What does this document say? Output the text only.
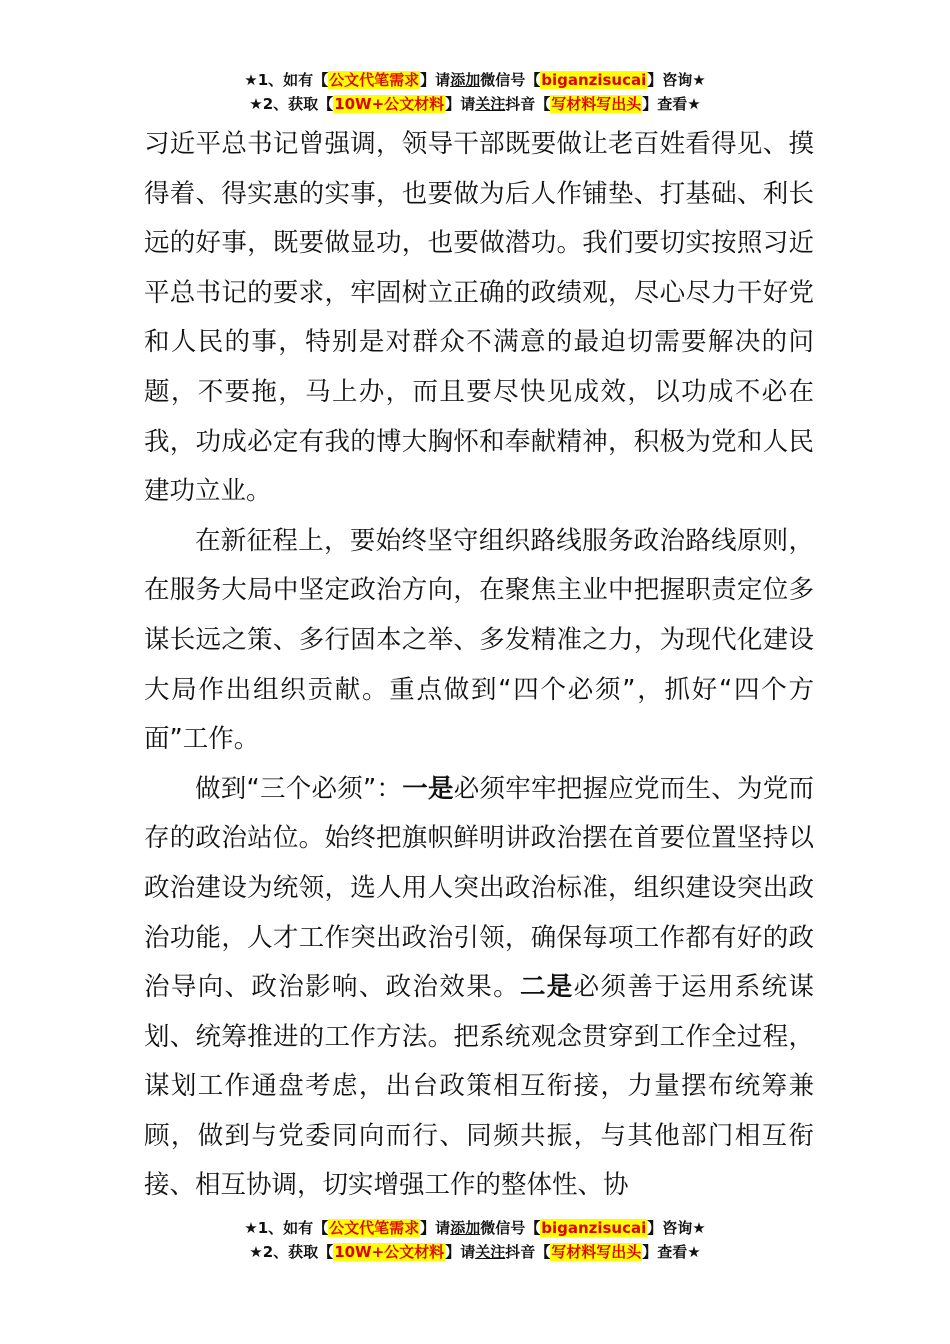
★1、如有【公文代笔需求】请添加微信号【biganzisucai】咨询★
★2、获取【10W+公文材料】请关注抖音【写材料写出头】查看★

习近平总书记曾强调，领导干部既要做让老百姓看得见、摸得着、得实惠的实事，也要做为后人作铺垫、打基础、利长远的好事，既要做显功，也要做潜功。我们要切实按照习近平总书记的要求，牢固树立正确的政绩观，尽心尽力干好党和人民的事，特别是对群众不满意的最迫切需要解决的问题，不要拖，马上办，而且要尽快见成效，以功成不必在我，功成必定有我的博大胸怀和奉献精神，积极为党和人民建功立业。

在新征程上，要始终坚守组织路线服务政治路线原则，在服务大局中坚定政治方向，在聚焦主业中把握职责定位多谋长远之策、多行固本之举、多发精准之力，为现代化建设大局作出组织贡献。重点做到“四个必须”，抓好“四个方面”工作。

做到“三个必须”：一是必须牢牢把握应党而生、为党而存的政治站位。始终把旗帜鲜明讲政治摆在首要位置坚持以政治建设为统领，选人用人突出政治标准，组织建设突出政治功能，人才工作突出政治引领，确保每项工作都有好的政治导向、政治影响、政治效果。二是必须善于运用系统谋划、统筹推进的工作方法。把系统观念贯穿到工作全过程，谋划工作通盘考虑，出台政策相互衔接，力量摆布统筹兼顾，做到与党委同向而行、同频共振，与其他部门相互衔接、相互协调，切实增强工作的整体性、协

★1、如有【公文代笔需求】请添加微信号【biganzisucai】咨询★
★2、获取【10W+公文材料】请关注抖音【写材料写出头】查看★
